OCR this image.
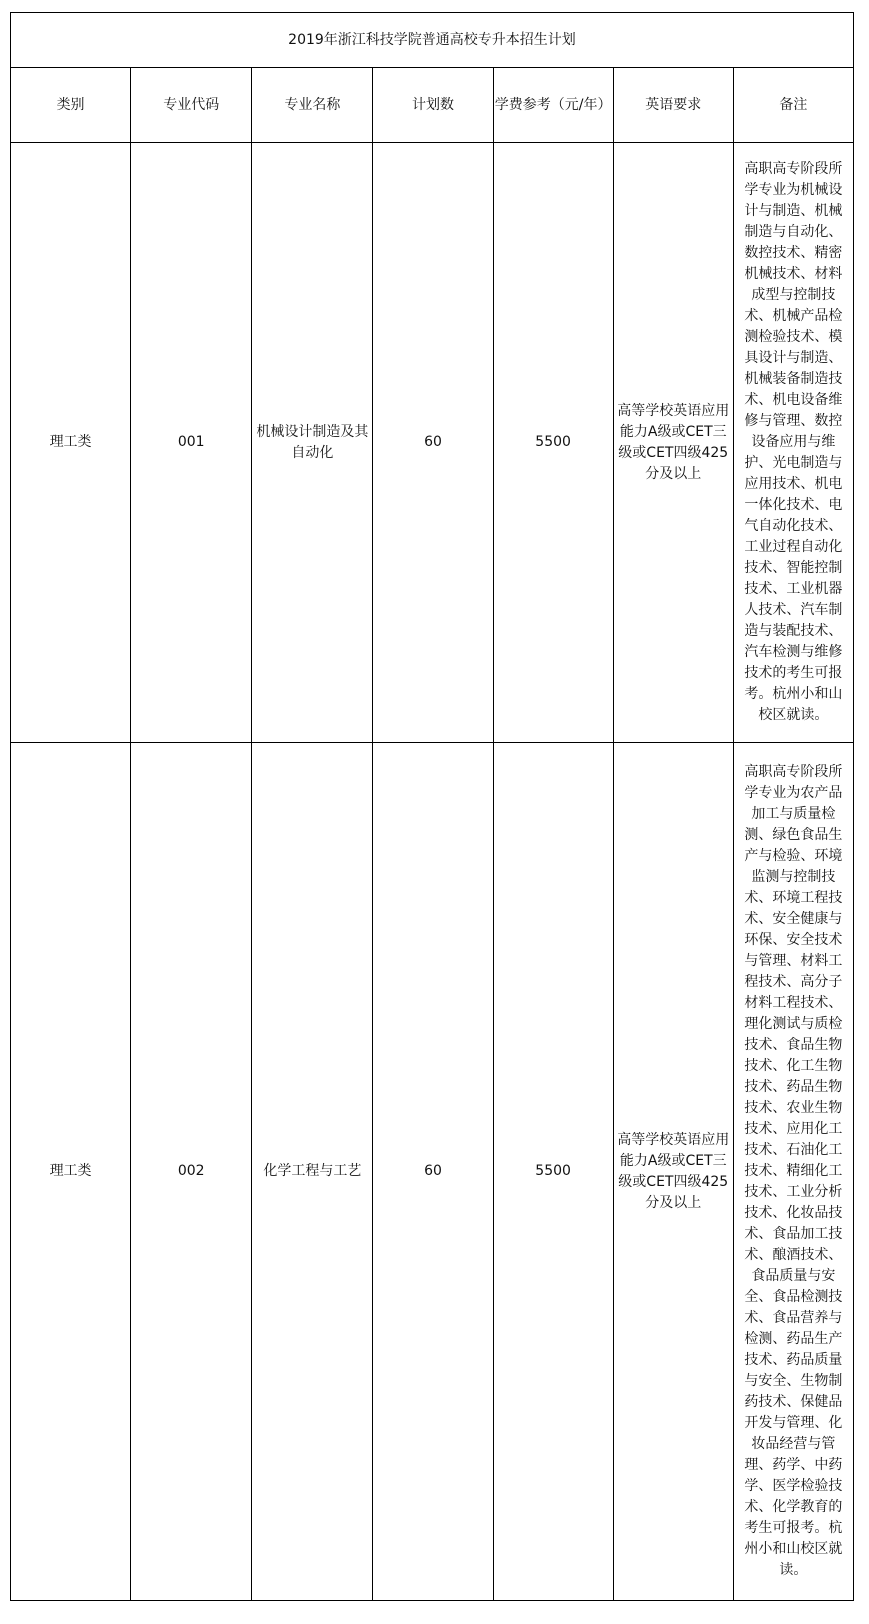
2019年浙江科技学院普通高校专升本招生计划						
类别	专业代码	专业名称	计划数	学费参考（元/年）	英语要求	备注
理工类	001	机械设计制造及其自动化	60	5500	高等学校英语应用能力A级或CET三级或CET四级425分及以上	高职高专阶段所学专业为机械设计与制造、机械制造与自动化、数控技术、精密机械技术、材料成型与控制技术、机械产品检测检验技术、模具设计与制造、机械装备制造技术、机电设备维修与管理、数控设备应用与维护、光电制造与应用技术、机电一体化技术、电气自动化技术、工业过程自动化技术、智能控制技术、工业机器人技术、汽车制造与装配技术、汽车检测与维修技术的考生可报考。杭州小和山校区就读。
理工类	002	化学工程与工艺	60	5500	高等学校英语应用能力A级或CET三级或CET四级425分及以上	高职高专阶段所学专业为农产品加工与质量检测、绿色食品生产与检验、环境监测与控制技术、环境工程技术、安全健康与环保、安全技术与管理、材料工程技术、高分子材料工程技术、理化测试与质检技术、食品生物技术、化工生物技术、药品生物技术、农业生物技术、应用化工技术、石油化工技术、精细化工技术、工业分析技术、化妆品技术、食品加工技术、酿酒技术、食品质量与安全、食品检测技术、食品营养与检测、药品生产技术、药品质量与安全、生物制药技术、保健品开发与管理、化妆品经营与管理、药学、中药学、医学检验技术、化学教育的考生可报考。杭州小和山校区就读。
